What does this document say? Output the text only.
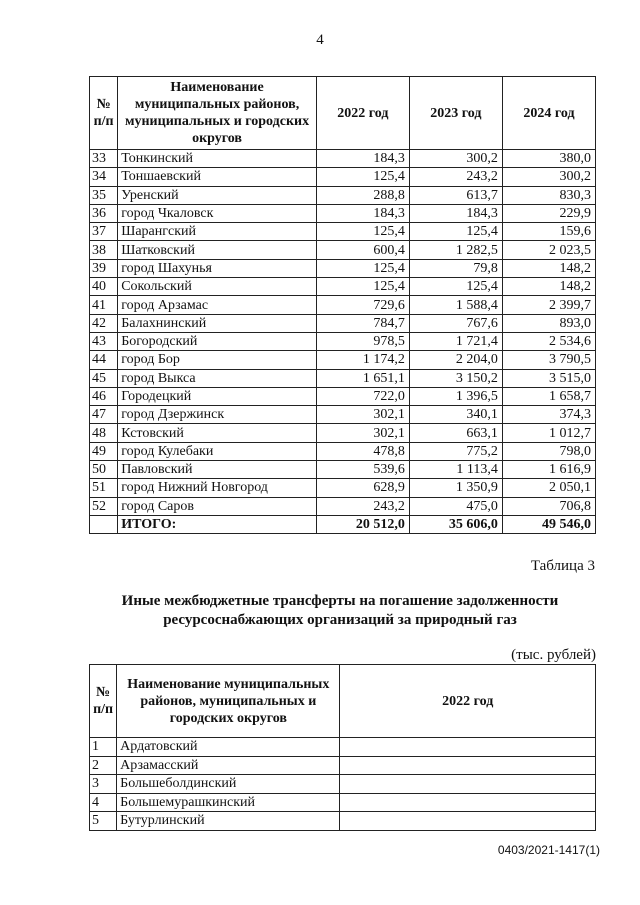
4
№ п/п	Наименование муниципальных районов, муниципальных и городских округов	2022 год	2023 год	2024 год
33	Тонкинский	184,3	300,2	380,0
34	Тоншаевский	125,4	243,2	300,2
35	Уренский	288,8	613,7	830,3
36	город Чкаловск	184,3	184,3	229,9
37	Шарангский	125,4	125,4	159,6
38	Шатковский	600,4	1 282,5	2 023,5
39	город Шахунья	125,4	79,8	148,2
40	Сокольский	125,4	125,4	148,2
41	город Арзамас	729,6	1 588,4	2 399,7
42	Балахнинский	784,7	767,6	893,0
43	Богородский	978,5	1 721,4	2 534,6
44	город Бор	1 174,2	2 204,0	3 790,5
45	город Выкса	1 651,1	3 150,2	3 515,0
46	Городецкий	722,0	1 396,5	1 658,7
47	город Дзержинск	302,1	340,1	374,3
48	Кстовский	302,1	663,1	1 012,7
49	город Кулебаки	478,8	775,2	798,0
50	Павловский	539,6	1 113,4	1 616,9
51	город Нижний Новгород	628,9	1 350,9	2 050,1
52	город Саров	243,2	475,0	706,8
	ИТОГО:	20 512,0	35 606,0	49 546,0
Таблица 3
Иные межбюджетные трансферты на погашение задолженности ресурсоснабжающих организаций за природный газ
(тыс. рублей)
№ п/п	Наименование муниципальных районов, муниципальных и городских округов	2022 год
1	Ардатовский	
2	Арзамасский	
3	Большеболдинский	
4	Большемурашкинский	
5	Бутурлинский	
0403/2021-1417(1)
